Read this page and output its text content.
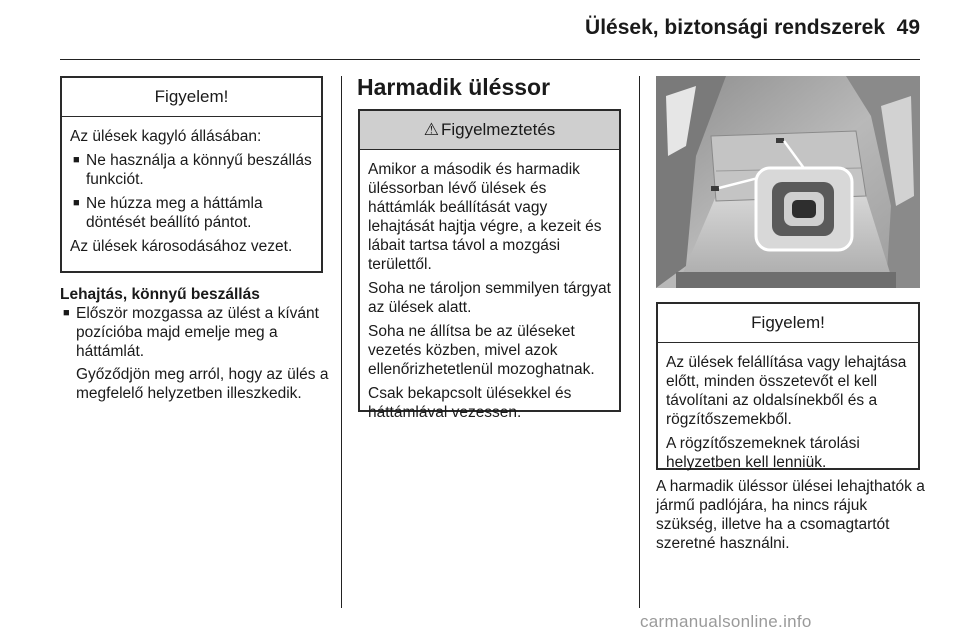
Ülések, biztonsági rendszerek 49
Figyelem!

Az ülések kagyló állásában:

■ Ne használja a könnyű beszállás funkciót.
■ Ne húzza meg a háttámla döntését beállító pántot.

Az ülések károsodásához vezet.

Lehajtás, könnyű beszállás

■ Először mozgassa az ülést a kívánt pozícióba majd emelje meg a háttámlát.

Győződjön meg arról, hogy az ülés a megfelelő helyzetben illeszkedik.

Harmadik üléssor
⚠ Figyelmeztetés

Amikor a második és harmadik üléssorban lévő ülések és háttámlák beállítását vagy lehajtását hajtja végre, a kezeit és lábait tartsa távol a mozgási területtől.

Soha ne tároljon semmilyen tárgyat az ülések alatt.

Soha ne állítsa be az üléseket vezetés közben, mivel azok ellenőrizhetetlenül mozoghatnak.

Csak bekapcsolt ülésekkel és háttámlával vezessen.

Figyelem!

Az ülések felállítása vagy lehajtása előtt, minden összetevőt el kell távolítani az oldalsínekből és a rögzítőszemekből.

A rögzítőszemeknek tárolási helyzetben kell lenniük.

A harmadik üléssor ülései lehajthatók a jármű padlójára, ha nincs rájuk szükség, illetve ha a csomagtartót szeretné használni.
carmanualsonline.info
